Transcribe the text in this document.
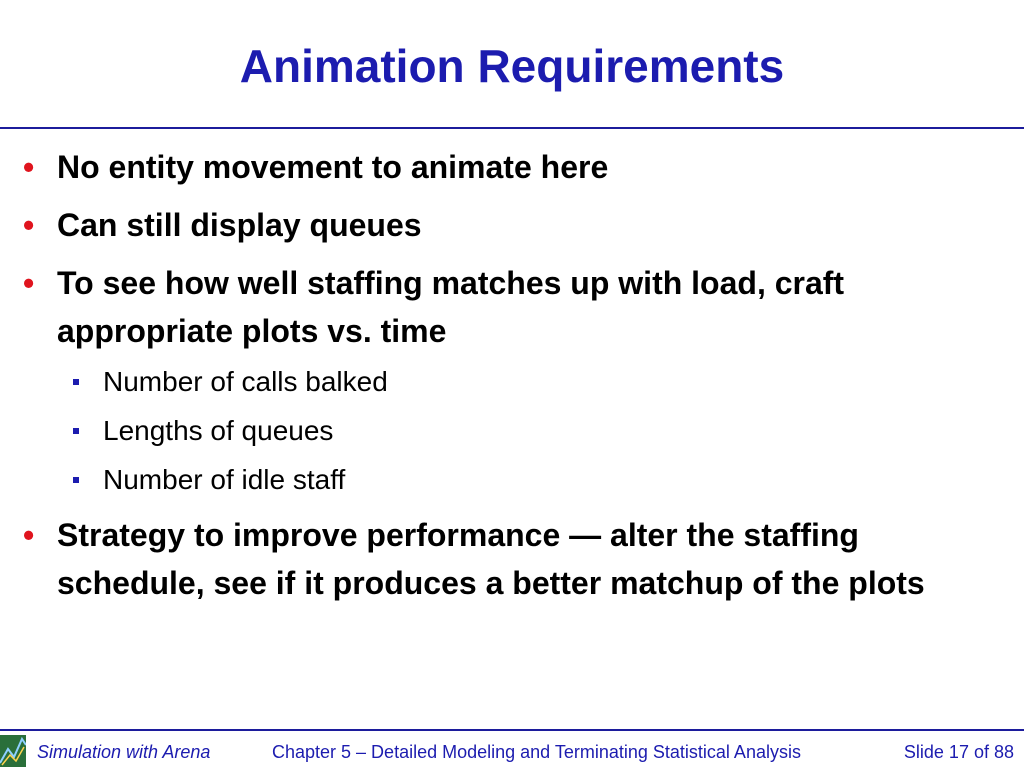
Animation Requirements
• No entity movement to animate here
• Can still display queues
• To see how well staffing matches up with load, craft appropriate plots vs. time
Number of calls balked
Lengths of queues
Number of idle staff
• Strategy to improve performance — alter the staffing schedule, see if it produces a better matchup of the plots
Simulation with Arena	Chapter 5 – Detailed Modeling and Terminating Statistical Analysis	Slide 17 of 88
